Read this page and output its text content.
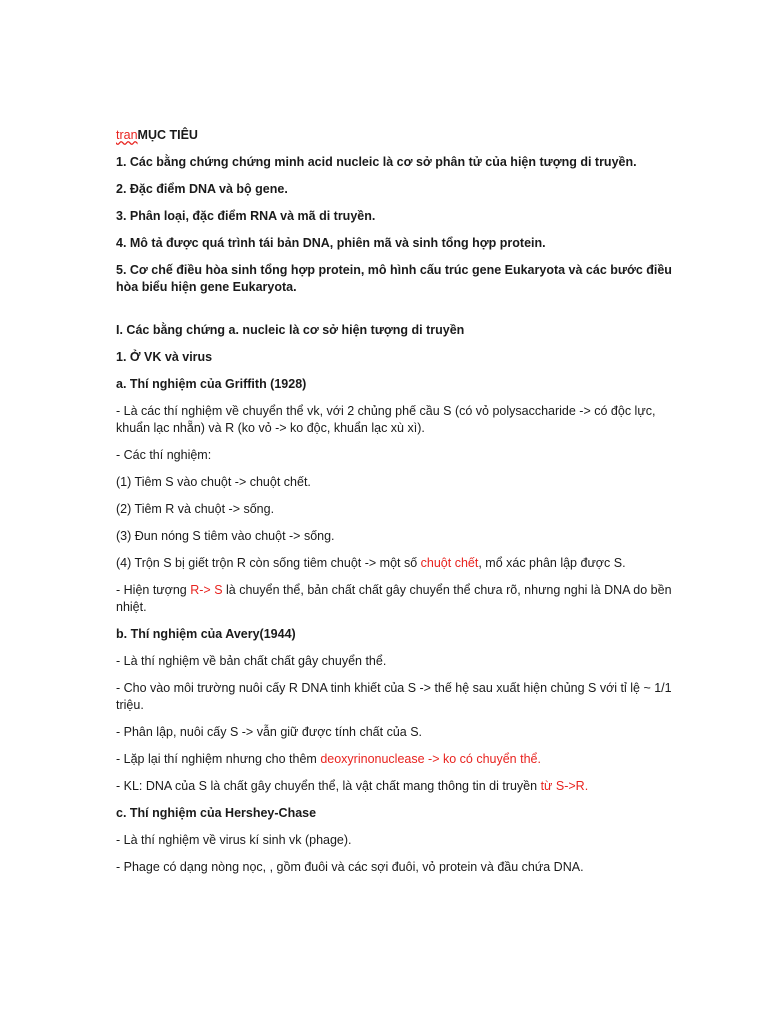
tranMỤC TIÊU

1. Các bằng chứng chứng minh acid nucleic là cơ sở phân tử của hiện tượng di truyền.

2. Đặc điểm DNA và bộ gene.

3. Phân loại, đặc điểm RNA và mã di truyền.

4. Mô tả được quá trình tái bản DNA, phiên mã và sinh tổng hợp protein.

5. Cơ chế điều hòa sinh tổng hợp protein, mô hình cấu trúc gene Eukaryota và các bước điều hòa biểu hiện gene Eukaryota.

I. Các bằng chứng a. nucleic là cơ sở hiện tượng di truyền

1. Ở VK và virus

a. Thí nghiệm của Griffith (1928)

- Là các thí nghiệm về chuyển thể vk, với 2 chủng phế cầu S (có vỏ polysaccharide -> có độc lực, khuẩn lạc nhẵn) và R (ko vỏ -> ko độc, khuẩn lạc xù xì).

- Các thí nghiệm:

(1) Tiêm S vào chuột -> chuột chết.

(2) Tiêm R và chuột -> sống.

(3) Đun nóng S tiêm vào chuột -> sống.

(4) Trộn S bị giết trộn R còn sống tiêm chuột -> một số chuột chết, mổ xác phân lập được S.

- Hiện tượng R-> S là chuyển thể, bản chất chất gây chuyển thể chưa rõ, nhưng nghi là DNA do bền nhiệt.

b. Thí nghiệm của Avery(1944)

- Là thí nghiệm về bản chất chất gây chuyển thể.

- Cho vào môi trường nuôi cấy R DNA tinh khiết của S -> thế hệ sau xuất hiện chủng S với tỉ lệ ~ 1/1 triệu.

- Phân lập, nuôi cấy S -> vẫn giữ được tính chất của S.

- Lặp lại thí nghiệm nhưng cho thêm deoxyrinonuclease -> ko có chuyển thể.

- KL: DNA của S là chất gây chuyển thể, là vật chất mang thông tin di truyền từ S->R.

c. Thí nghiệm của Hershey-Chase

- Là thí nghiệm về virus kí sinh vk (phage).

- Phage có dạng nòng nọc, , gồm đuôi và các sợi đuôi, vỏ protein và đầu chứa DNA.
